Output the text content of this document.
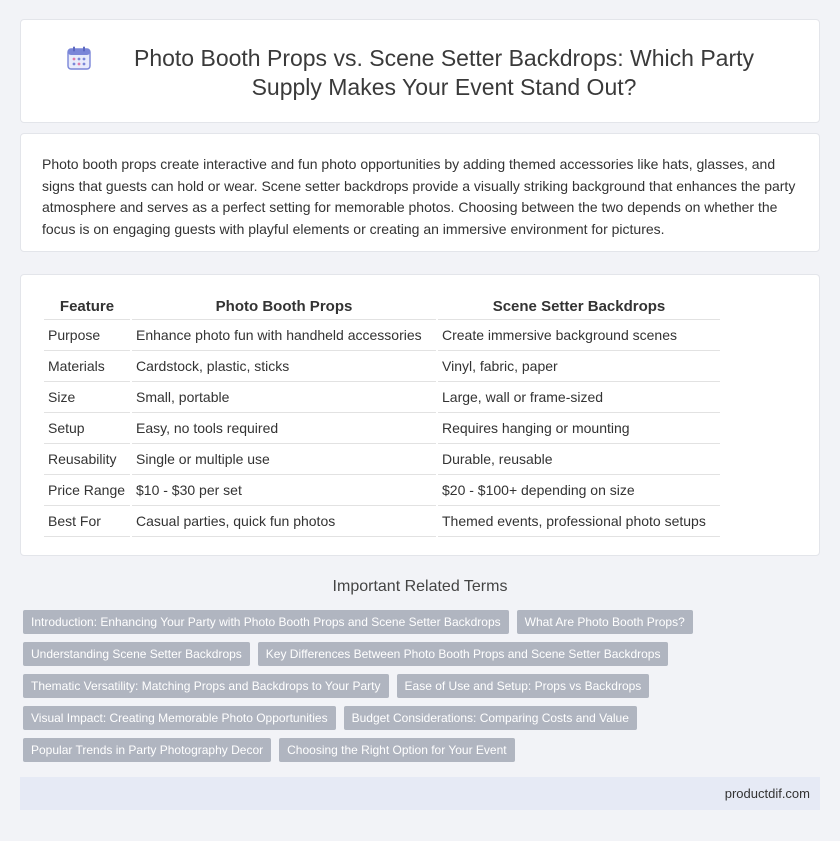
Photo Booth Props vs. Scene Setter Backdrops: Which Party Supply Makes Your Event Stand Out?

Photo booth props create interactive and fun photo opportunities by adding themed accessories like hats, glasses, and signs that guests can hold or wear. Scene setter backdrops provide a visually striking background that enhances the party atmosphere and serves as a perfect setting for memorable photos. Choosing between the two depends on whether the focus is on engaging guests with playful elements or creating an immersive environment for pictures.

Feature	Photo Booth Props	Scene Setter Backdrops
Purpose	Enhance photo fun with handheld accessories	Create immersive background scenes
Materials	Cardstock, plastic, sticks	Vinyl, fabric, paper
Size	Small, portable	Large, wall or frame-sized
Setup	Easy, no tools required	Requires hanging or mounting
Reusability	Single or multiple use	Durable, reusable
Price Range	$10 - $30 per set	$20 - $100+ depending on size
Best For	Casual parties, quick fun photos	Themed events, professional photo setups
Important Related Terms
Introduction: Enhancing Your Party with Photo Booth Props and Scene Setter Backdrops	What Are Photo Booth Props?
Understanding Scene Setter Backdrops	Key Differences Between Photo Booth Props and Scene Setter Backdrops
Thematic Versatility: Matching Props and Backdrops to Your Party	Ease of Use and Setup: Props vs Backdrops
Visual Impact: Creating Memorable Photo Opportunities	Budget Considerations: Comparing Costs and Value
Popular Trends in Party Photography Decor	Choosing the Right Option for Your Event
productdif.com
